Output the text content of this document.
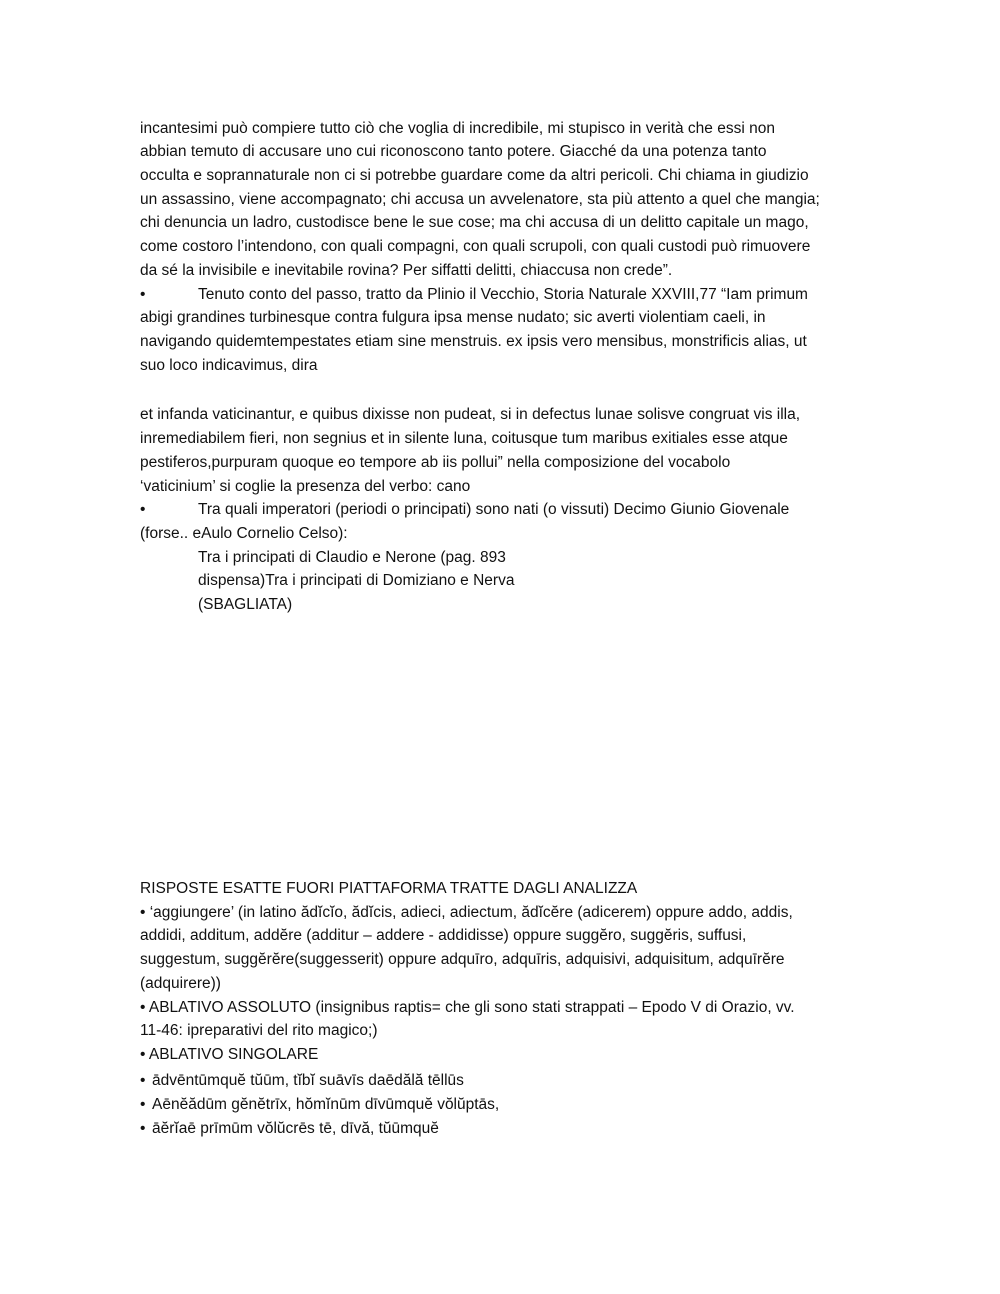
incantesimi può compiere tutto ciò che voglia di incredibile, mi stupisco in verità che essi non
abbian temuto di accusare uno cui riconoscono tanto potere. Giacché da una potenza tanto
occulta e soprannaturale non ci si potrebbe guardare come da altri pericoli. Chi chiama in giudizio
un assassino, viene accompagnato; chi accusa un avvelenatore, sta più attento a quel che mangia;
chi denuncia un ladro, custodisce bene le sue cose; ma chi accusa di un delitto capitale un mago,
come costoro l’intendono, con quali compagni, con quali scrupoli, con quali custodi può rimuovere
da sé la invisibile e inevitabile rovina? Per siffatti delitti, chiaccusa non crede”.
•	Tenuto conto del passo, tratto da Plinio il Vecchio, Storia Naturale XXVIII,77 “Iam primum
abigi grandines turbinesque contra fulgura ipsa mense nudato; sic averti violentiam caeli, in
navigando quidemtempestates etiam sine menstruis. ex ipsis vero mensibus, monstrificis alias, ut
suo loco indicavimus, dira
et infanda vaticinantur, e quibus dixisse non pudeat, si in defectus lunae solisve congruat vis illa,
inremediabilem fieri, non segnius et in silente luna, coitusque tum maribus exitiales esse atque
pestiferos,purpuram quoque eo tempore ab iis pollui” nella composizione del vocabolo
‘vaticinium’ si coglie la presenza del verbo: cano
•	Tra quali imperatori (periodi o principati) sono nati (o vissuti) Decimo Giunio Giovenale
(forse.. eAulo Cornelio Celso):
Tra i principati di Claudio e Nerone (pag. 893
dispensa)Tra i principati di Domiziano e Nerva
(SBAGLIATA)
RISPOSTE ESATTE FUORI PIATTAFORMA TRATTE DAGLI ANALIZZA
• ‘aggiungere’ (in latino ădĭcĭo, ădĭcis, adieci, adiectum, ădĭcĕre (adicerem) oppure addo, addis,
addidi, additum, addĕre (additur – addere - addidisse) oppure suggĕro, suggĕris, suffusi,
suggestum, suggĕrĕre(suggesserit) oppure adquīro, adquīris, adquisivi, adquisitum, adquīrĕre
(adquirere))
• ABLATIVO ASSOLUTO (insignibus raptis= che gli sono stati strappati – Epodo V di Orazio, vv.
11-46: ipreparativi del rito magico;)
• ABLATIVO SINGOLARE
• ādvēntūmquĕ tŭūm, tĭbĭ suāvīs daēdălă tēllūs
• Aēnĕădūm gĕnĕtrīx, hŏmĭnūm dīvūmquĕ vŏlŭptās,
• āĕrĭaē prīmūm vŏlŭcrēs tē, dīvă, tŭūmquĕ
